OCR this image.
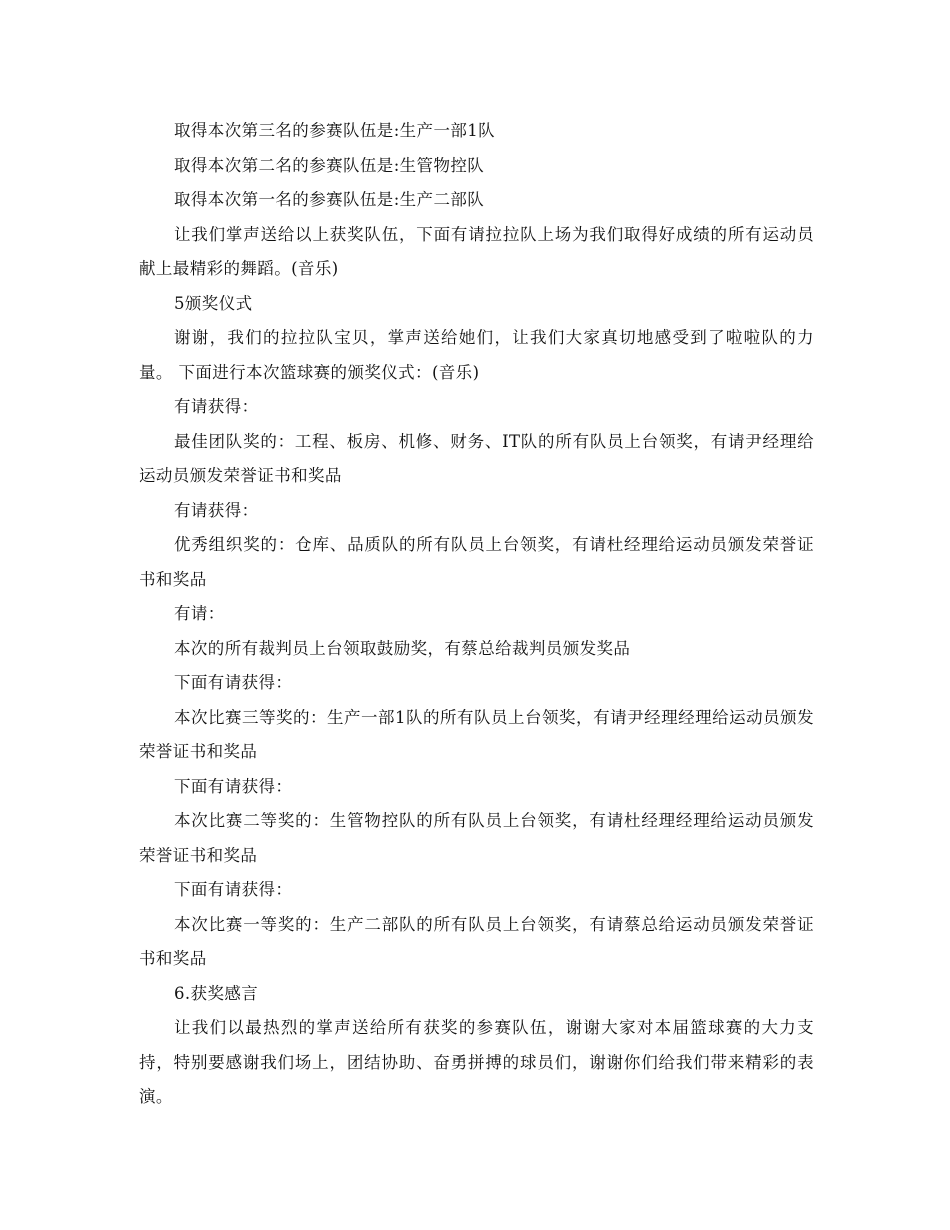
取得本次第三名的参赛队伍是:生产一部1队

取得本次第二名的参赛队伍是:生管物控队

取得本次第一名的参赛队伍是:生产二部队

让我们掌声送给以上获奖队伍，下面有请拉拉队上场为我们取得好成绩的所有运动员献上最精彩的舞蹈。(音乐)

5颁奖仪式

谢谢，我们的拉拉队宝贝，掌声送给她们，让我们大家真切地感受到了啦啦队的力量。 下面进行本次篮球赛的颁奖仪式：(音乐)

有请获得：

最佳团队奖的：工程、板房、机修、财务、IT队的所有队员上台领奖，有请尹经理给运动员颁发荣誉证书和奖品

有请获得：

优秀组织奖的：仓库、品质队的所有队员上台领奖，有请杜经理给运动员颁发荣誉证书和奖品

有请：

本次的所有裁判员上台领取鼓励奖，有蔡总给裁判员颁发奖品

下面有请获得：

本次比赛三等奖的：生产一部1队的所有队员上台领奖，有请尹经理经理给运动员颁发荣誉证书和奖品

下面有请获得：

本次比赛二等奖的：生管物控队的所有队员上台领奖，有请杜经理经理给运动员颁发荣誉证书和奖品

下面有请获得：

本次比赛一等奖的：生产二部队的所有队员上台领奖，有请蔡总给运动员颁发荣誉证书和奖品

6.获奖感言

让我们以最热烈的掌声送给所有获奖的参赛队伍，谢谢大家对本届篮球赛的大力支持，特别要感谢我们场上，团结协助、奋勇拼搏的球员们，谢谢你们给我们带来精彩的表演。
